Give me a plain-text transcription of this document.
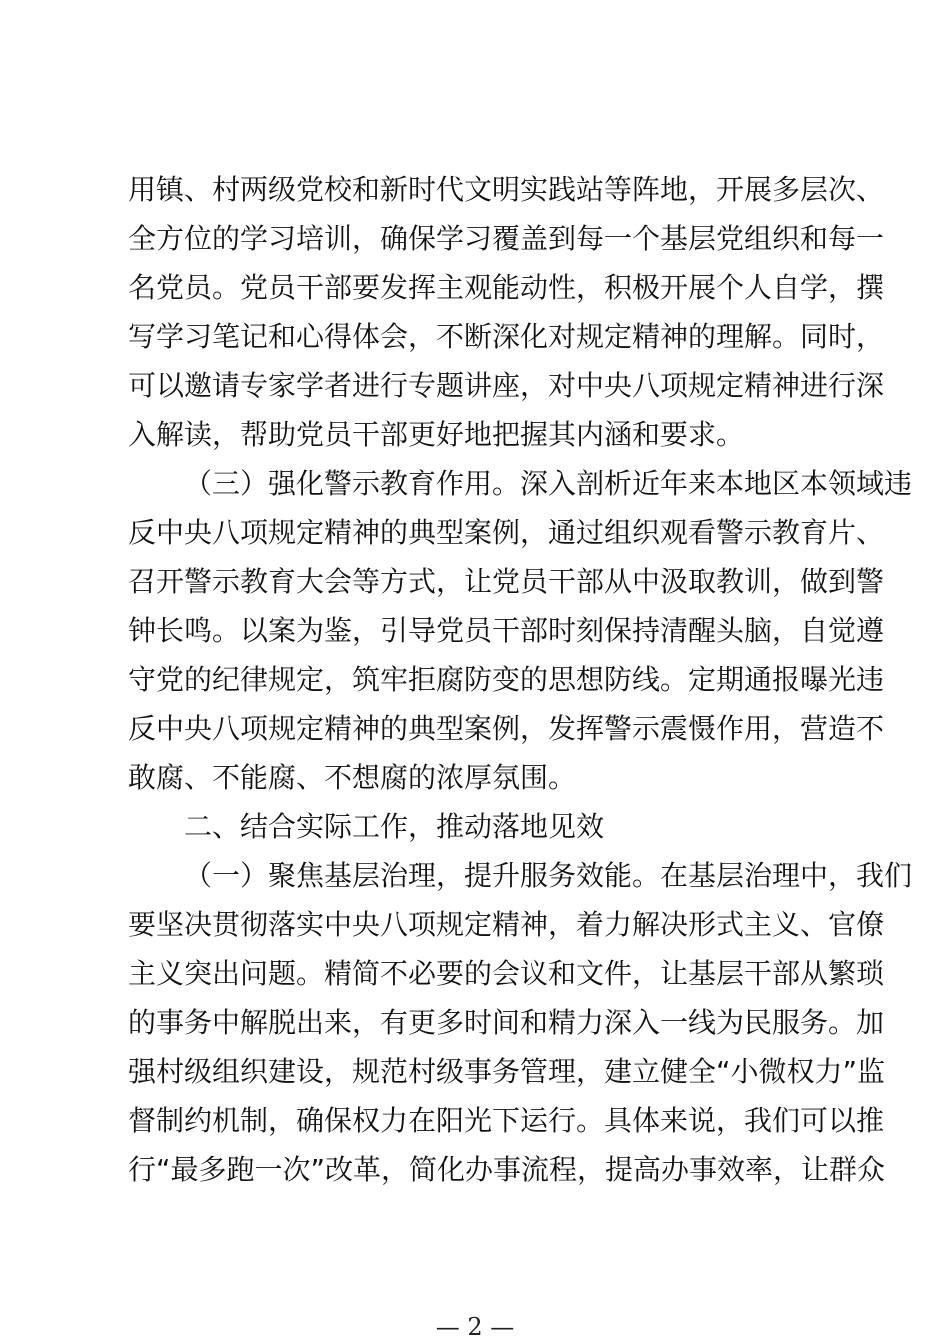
用镇、村两级党校和新时代文明实践站等阵地，开展多层次、
全方位的学习培训，确保学习覆盖到每一个基层党组织和每一
名党员。党员干部要发挥主观能动性，积极开展个人自学，撰
写学习笔记和心得体会，不断深化对规定精神的理解。同时，
可以邀请专家学者进行专题讲座，对中央八项规定精神进行深
入解读，帮助党员干部更好地把握其内涵和要求。
（三）强化警示教育作用。深入剖析近年来本地区本领域违
反中央八项规定精神的典型案例，通过组织观看警示教育片、
召开警示教育大会等方式，让党员干部从中汲取教训，做到警
钟长鸣。以案为鉴，引导党员干部时刻保持清醒头脑，自觉遵
守党的纪律规定，筑牢拒腐防变的思想防线。定期通报曝光违
反中央八项规定精神的典型案例，发挥警示震慑作用，营造不
敢腐、不能腐、不想腐的浓厚氛围。
二、结合实际工作，推动落地见效
（一）聚焦基层治理，提升服务效能。在基层治理中，我们
要坚决贯彻落实中央八项规定精神，着力解决形式主义、官僚
主义突出问题。精简不必要的会议和文件，让基层干部从繁琐
的事务中解脱出来，有更多时间和精力深入一线为民服务。加
强村级组织建设，规范村级事务管理，建立健全“小微权力”监
督制约机制，确保权力在阳光下运行。具体来说，我们可以推
行“最多跑一次”改革，简化办事流程，提高办事效率，让群众
— 2 —
